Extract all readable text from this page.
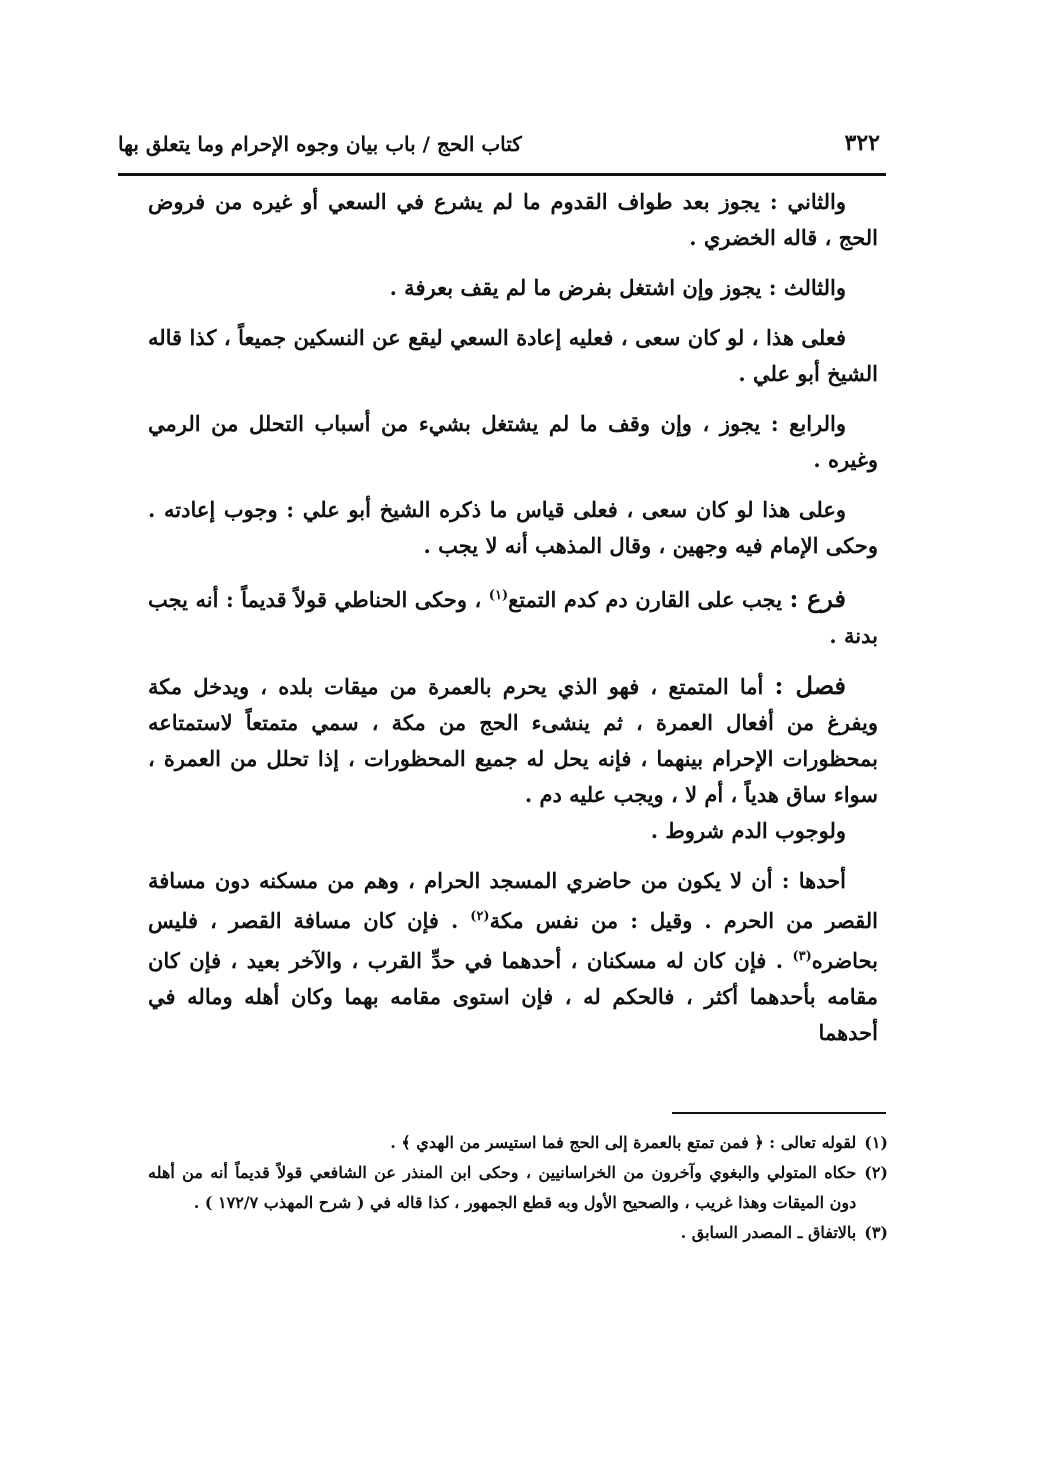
٣٢٢
كتاب الحج / باب بيان وجوه الإحرام وما يتعلق بها

والثاني : يجوز بعد طواف القدوم ما لم يشرع في السعي أو غيره من فروض الحج ، قاله الخضري .

والثالث : يجوز وإن اشتغل بفرض ما لم يقف بعرفة .

فعلى هذا ، لو كان سعى ، فعليه إعادة السعي ليقع عن النسكين جميعاً ، كذا قاله الشيخ أبو علي .

والرابع : يجوز ، وإن وقف ما لم يشتغل بشيء من أسباب التحلل من الرمي وغيره .

وعلى هذا لو كان سعى ، فعلى قياس ما ذكره الشيخ أبو علي : وجوب إعادته . وحكى الإمام فيه وجهين ، وقال المذهب أنه لا يجب .

فرع : يجب على القارن دم كدم التمتع$^{(١)}$ ، وحكى الحناطي قولاً قديماً : أنه يجب بدنة .

فصل : أما المتمتع ، فهو الذي يحرم بالعمرة من ميقات بلده ، ويدخل مكة ويفرغ من أفعال العمرة ، ثم ينشىء الحج من مكة ، سمي متمتعاً لاستمتاعه بمحظورات الإحرام بينهما ، فإنه يحل له جميع المحظورات ، إذا تحلل من العمرة ، سواء ساق هدياً ، أم لا ، ويجب عليه دم .

ولوجوب الدم شروط .

أحدها : أن لا يكون من حاضري المسجد الحرام ، وهم من مسكنه دون مسافة القصر من الحرم . وقيل : من نفس مكة$^{(٢)}$ . فإن كان مسافة القصر ، فليس بحاضره$^{(٣)}$ . فإن كان له مسكنان ، أحدهما في حدِّ القرب ، والآخر بعيد ، فإن كان مقامه بأحدهما أكثر ، فالحكم له ، فإن استوى مقامه بهما وكان أهله وماله في أحدهما

(١)
لقوله تعالى : ﴿ فمن تمتع بالعمرة إلى الحج فما استيسر من الهدي ﴾ .
(٢)
حكاه المتولي والبغوي وآخرون من الخراسانيين ، وحكى ابن المنذر عن الشافعي قولاً قديماً أنه من أهله دون الميقات وهذا غريب ، والصحيح الأول وبه قطع الجمهور ، كذا قاله في ( شرح المهذب ١٧٢/٧ ) .
(٣)
بالاتفاق ـ المصدر السابق .
